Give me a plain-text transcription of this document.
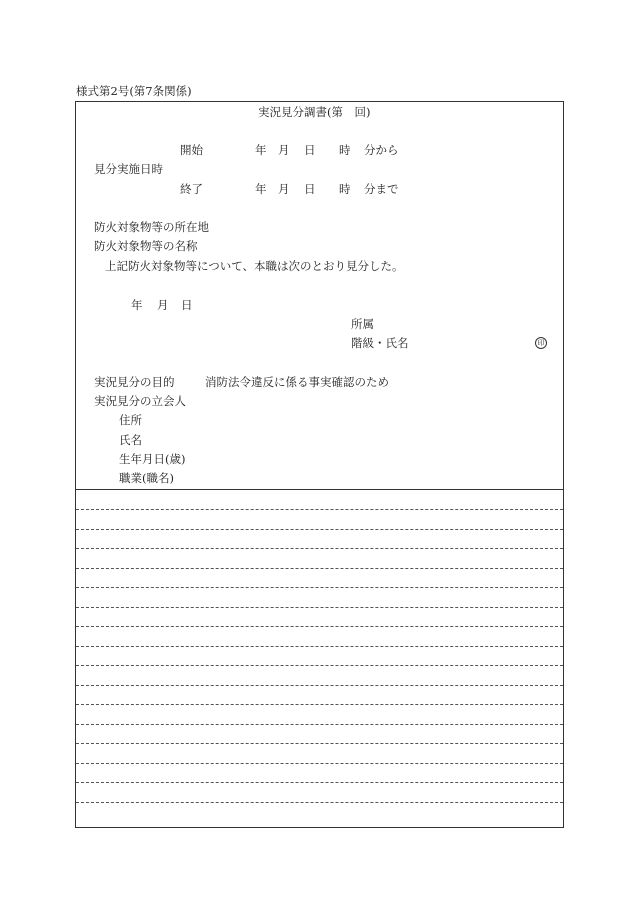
様式第2号(第7条関係)
実況見分調書(第　回)
開始	年 月 日 時 分から
見分実施日時
終了	年 月 日 時 分まで
防火対象物等の所在地
防火対象物等の名称
上記防火対象物等について、本職は次のとおり見分した。
年 月 日
所属
階級・氏名	印
実況見分の目的	消防法令違反に係る事実確認のため
実況見分の立会人
住所
氏名
生年月日(歳)
職業(職名)
